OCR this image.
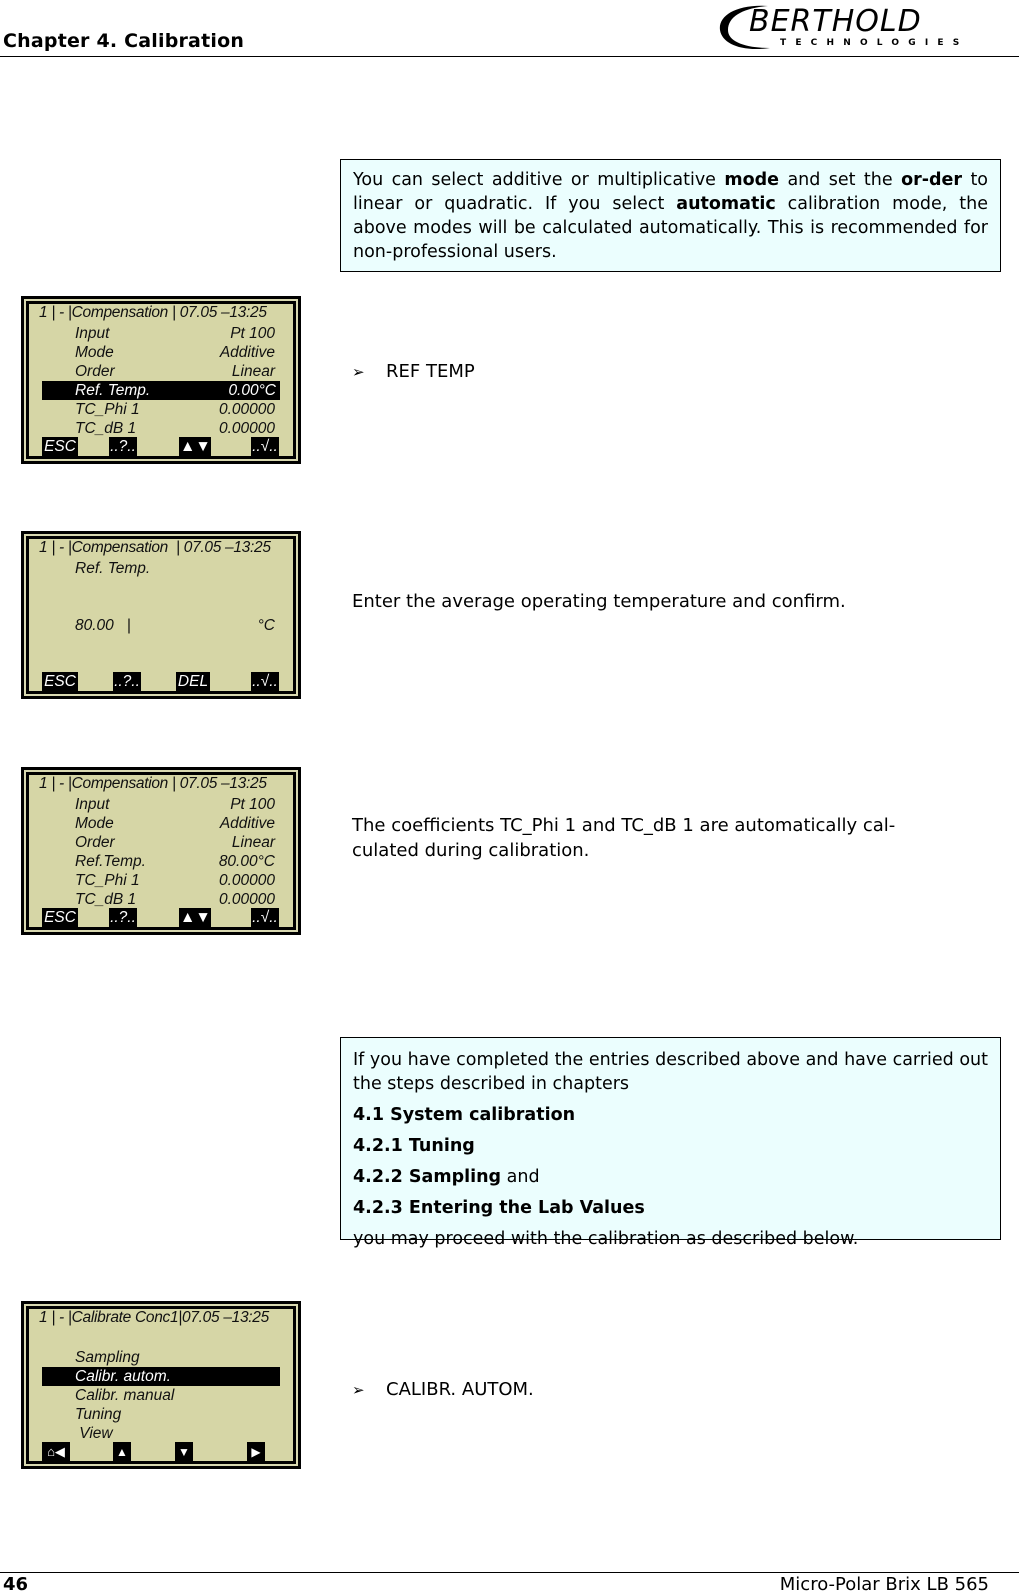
Chapter 4. Calibration
BERTHOLD
TECHNOLOGIES
You can select additive or multiplicative mode and set the or-der to linear or quadratic. If you select automatic calibration mode, the above modes will be calculated automatically. This is recommended for non-professional users.
1 | - |Compensation | 07.05 –13:25
Input	Pt 100
Mode	Additive
Order	Linear
Ref. Temp.	0.00°C
TC_Phi 1	0.00000
TC_dB 1	0.00000
ESC ..?..	▲▼	..√..
➢ REF TEMP
1 | - |Compensation  | 07.05 –13:25
Ref. Temp.
80.00   |	°C
ESC ..?.. DEL	..√..
Enter the average operating temperature and confirm.
1 | - |Compensation | 07.05 –13:25
Input	Pt 100
Mode	Additive
Order	Linear
Ref.Temp.	80.00°C
TC_Phi 1	0.00000
TC_dB 1	0.00000
ESC ..?..	▲▼	..√..
The coefficients TC_Phi 1 and TC_dB 1 are automatically cal-
culated during calibration.
If you have completed the entries described above and have carried out the steps described in chapters
4.1 System calibration
4.2.1 Tuning
4.2.2 Sampling and
4.2.3 Entering the Lab Values
you may proceed with the calibration as described below.
1 | - |Calibrate Conc1|07.05 –13:25
Sampling
Calibr. autom.
Calibr. manual
Tuning
View
⌂◀	▲	▼	▶
➢ CALIBR. AUTOM.
46	Micro-Polar Brix LB 565
